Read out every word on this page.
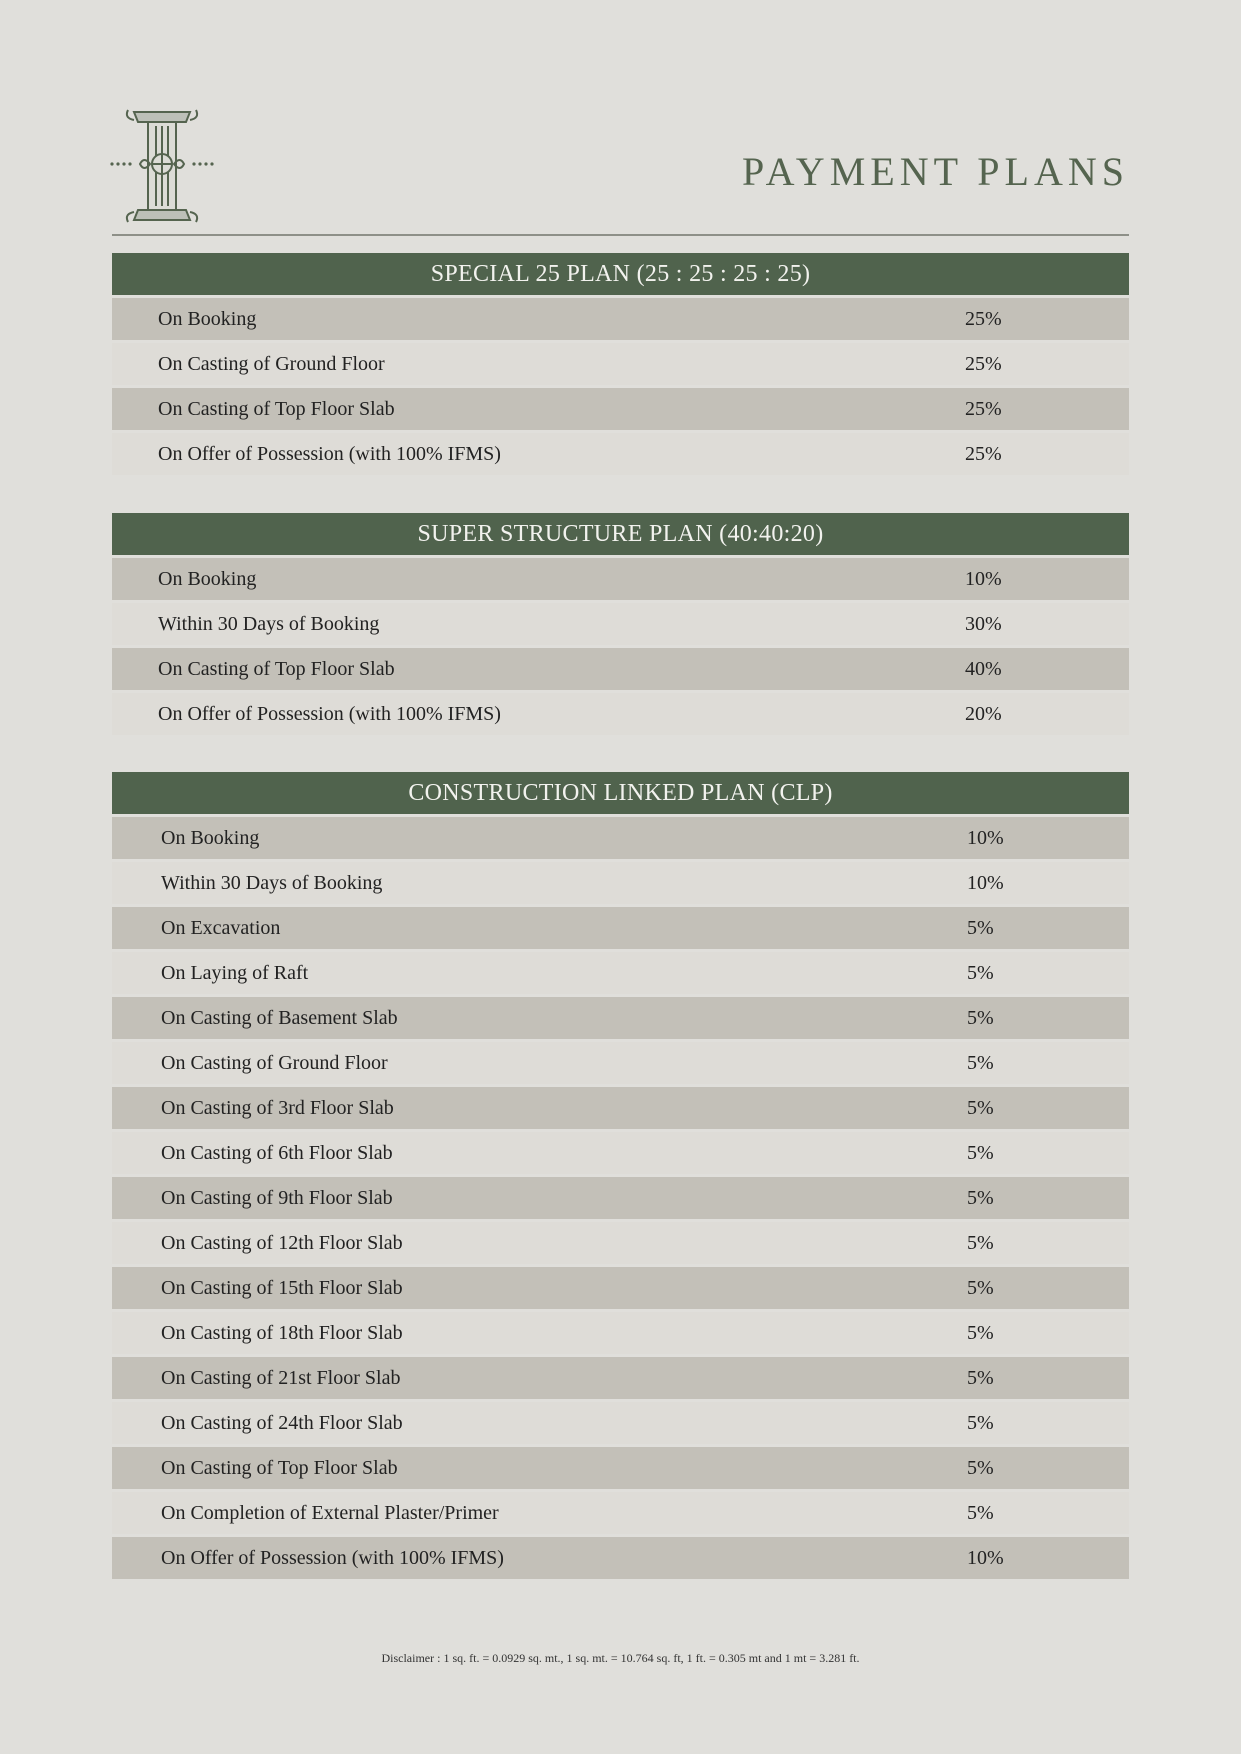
PAYMENT PLANS
SPECIAL 25 PLAN (25 : 25 : 25 : 25)
On Booking	25%
On Casting of Ground Floor	25%
On Casting of Top Floor Slab	25%
On Offer of Possession (with 100% IFMS)	25%
SUPER STRUCTURE PLAN (40:40:20)
On Booking	10%
Within 30 Days of Booking	30%
On Casting of Top Floor Slab	40%
On Offer of Possession (with 100% IFMS)	20%
CONSTRUCTION LINKED PLAN (CLP)
On Booking	10%
Within 30 Days of Booking	10%
On Excavation	5%
On Laying of Raft	5%
On Casting of Basement Slab	5%
On Casting of Ground Floor	5%
On Casting of 3rd Floor Slab	5%
On Casting of 6th Floor Slab	5%
On Casting of 9th Floor Slab	5%
On Casting of 12th Floor Slab	5%
On Casting of 15th Floor Slab	5%
On Casting of 18th Floor Slab	5%
On Casting of 21st Floor Slab	5%
On Casting of 24th Floor Slab	5%
On Casting of Top Floor Slab	5%
On Completion of External Plaster/Primer	5%
On Offer of Possession (with 100% IFMS)	10%
Disclaimer : 1 sq. ft. = 0.0929 sq. mt., 1 sq. mt. = 10.764 sq. ft, 1 ft. = 0.305 mt and 1 mt = 3.281 ft.
